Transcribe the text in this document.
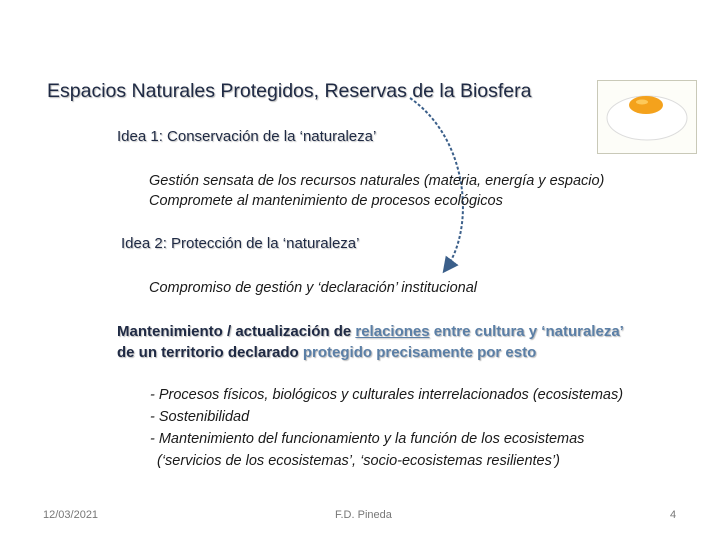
Espacios Naturales Protegidos, Reservas de la Biosfera
Idea 1: Conservación de la ‘naturaleza’
Gestión sensata de los recursos naturales (materia, energía y espacio)
Compromete al mantenimiento de procesos ecológicos
Idea 2: Protección de la ‘naturaleza’
Compromiso de gestión y ‘declaración’ institucional
Mantenimiento / actualización de relaciones entre cultura y ‘naturaleza’
de un territorio declarado protegido precisamente por esto
- Procesos físicos, biológicos y culturales interrelacionados (ecosistemas)
- Sostenibilidad
- Mantenimiento del funcionamiento y la función de los ecosistemas
(‘servicios de los ecosistemas’, ‘socio-ecosistemas resilientes’)
12/03/2021	F.D. Pineda	4
